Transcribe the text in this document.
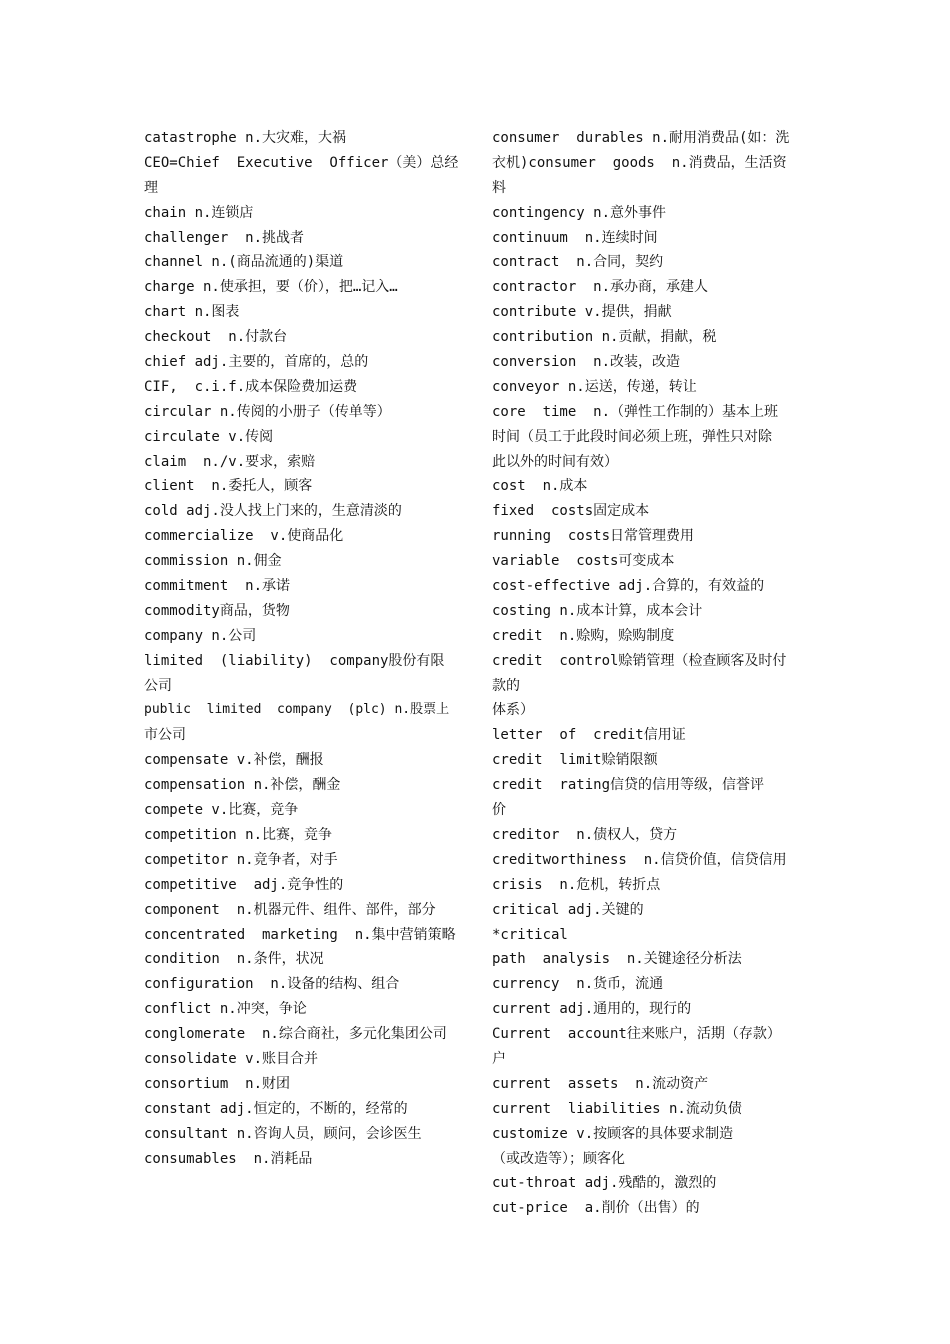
catastrophe n.大灾难，大祸
CEO=Chief  Executive  Officer（美）总经
理
chain n.连锁店
challenger  n.挑战者
channel n.(商品流通的)渠道
charge n.使承担，要（价），把…记入…
chart n.图表
checkout  n.付款台
chief adj.主要的，首席的，总的
CIF,  c.i.f.成本保险费加运费
circular n.传阅的小册子（传单等）
circulate v.传阅
claim  n./v.要求，索赔
client  n.委托人，顾客
cold adj.没人找上门来的，生意清淡的
commercialize  v.使商品化
commission n.佣金
commitment  n.承诺
commodity商品，货物
company n.公司
limited  (liability)  company股份有限
公司
public  limited  company  (plc) n.股票上
市公司
compensate v.补偿，酬报
compensation n.补偿，酬金
compete v.比赛，竞争
competition n.比赛，竞争
competitor n.竞争者，对手
competitive  adj.竞争性的
component  n.机器元件、组件、部件，部分
concentrated  marketing  n.集中营销策略
condition  n.条件，状况
configuration  n.设备的结构、组合
conflict n.冲突，争论
conglomerate  n.综合商社，多元化集团公司
consolidate v.账目合并
consortium  n.财团
constant adj.恒定的，不断的，经常的
consultant n.咨询人员，顾问，会诊医生
consumables  n.消耗品
consumer  durables n.耐用消费品(如：洗
衣机)consumer  goods  n.消费品，生活资
料
contingency n.意外事件
continuum  n.连续时间
contract  n.合同，契约
contractor  n.承办商，承建人
contribute v.提供，捐献
contribution n.贡献，捐献，税
conversion  n.改装，改造
conveyor n.运送，传递，转让
core  time  n.（弹性工作制的）基本上班
时间（员工于此段时间必须上班，弹性只对除
此以外的时间有效）
cost  n.成本
fixed  costs固定成本
running  costs日常管理费用
variable  costs可变成本
cost-effective adj.合算的，有效益的
costing n.成本计算，成本会计
credit  n.赊购，赊购制度
credit  control赊销管理（检查顾客及时付
款的
体系）
letter  of  credit信用证
credit  limit赊销限额
credit  rating信贷的信用等级，信誉评
价
creditor  n.债权人，贷方
creditworthiness  n.信贷价值，信贷信用
crisis  n.危机，转折点
critical adj.关键的
*critical
path  analysis  n.关键途径分析法
currency  n.货币，流通
current adj.通用的，现行的
Current  account往来账户，活期（存款）
户
current  assets  n.流动资产
current  liabilities n.流动负债
customize v.按顾客的具体要求制造
（或改造等）；顾客化
cut-throat adj.残酷的，激烈的
cut-price  a.削价（出售）的
